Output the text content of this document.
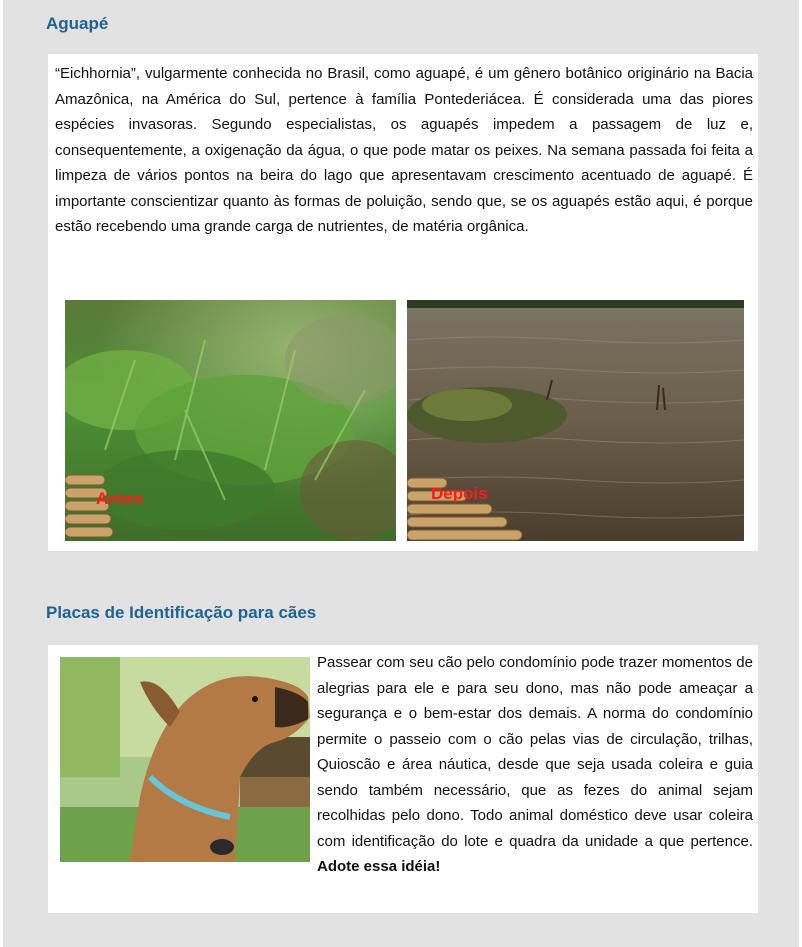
Aguapé
“Eichhornia”, vulgarmente conhecida no Brasil, como aguapé, é um gênero botânico originário na Bacia Amazônica, na América do Sul, pertence à família Pontederiácea. É considerada uma das piores espécies invasoras. Segundo especialistas, os aguapés impedem a passagem de luz e, consequentemente, a oxigenação da água, o que pode matar os peixes. Na semana passada foi feita a limpeza de vários pontos na beira do lago que apresentavam crescimento acentuado de aguapé. É importante conscientizar quanto às formas de poluição, sendo que, se os aguapés estão aqui, é porque estão recebendo uma grande carga de nutrientes, de matéria orgânica.
Antes	Depois
Placas de Identificação para cães
Passear com seu cão pelo condomínio pode trazer momentos de alegrias para ele e para seu dono, mas não pode ameaçar a segurança e o bem-estar dos demais. A norma do condomínio permite o passeio com o cão pelas vias de circulação, trilhas, Quioscão e área náutica, desde que seja usada coleira e guia sendo também necessário, que as fezes do animal sejam recolhidas pelo dono. Todo animal doméstico deve usar coleira com identificação do lote e quadra da unidade a que pertence. Adote essa idéia!
